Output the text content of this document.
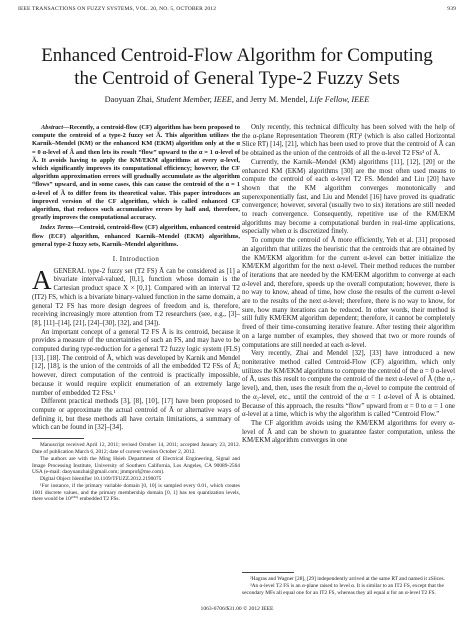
IEEE TRANSACTIONS ON FUZZY SYSTEMS, VOL. 20, NO. 5, OCTOBER 2012	939
Enhanced Centroid-Flow Algorithm for Computing
the Centroid of General Type-2 Fuzzy Sets
Daoyuan Zhai, Student Member, IEEE, and Jerry M. Mendel, Life Fellow, IEEE

Abstract—Recently, a centroid-flow (CF) algorithm has been proposed to compute the centroid of a type-2 fuzzy set Ã. This algorithm utilizes the Karnik–Mendel (KM) or the enhanced KM (EKM) algorithm only at the α = 0 α-level of Ã and then lets its result “flow” upward to the α = 1 α-level of Ã. It avoids having to apply the KM/EKM algorithms at every α-level, which significantly improves its computational efficiency; however, the CF algorithm approximation errors will gradually accumulate as the algorithm “flows” upward, and in some cases, this can cause the centroid of the α = 1 α-level of Ã to differ from its theoretical value. This paper introduces an improved version of the CF algorithm, which is called enhanced CF algorithm, that reduces such accumulative errors by half and, therefore, greatly improves the computational accuracy.

Index Terms—Centroid, centroid-flow (CF) algorithm, enhanced centroid flow (ECF) algorithm, enhanced Karnik–Mendel (EKM) algorithms, general type-2 fuzzy sets, Karnik–Mendel algorithms.

I. Introduction

AGENERAL type-2 fuzzy set (T2 FS) Ã can be considered as [1] a bivariate interval-valued, [0,1], function whose domain is the Cartesian product space X × [0,1]. Compared with an interval T2 (IT2) FS, which is a bivariate binary-valued function in the same domain, a general T2 FS has more design degrees of freedom and is, therefore, receiving increasingly more attention from T2 researchers (see, e.g., [3]–[8], [11]–[14], [21], [24]–[30], [32], and [34]).

An important concept of a general T2 FS Ã is its centroid, because it provides a measure of the uncertainties of such an FS, and may have to be computed during type-reduction for a general T2 fuzzy logic system (FLS) [13], [18]. The centroid of Ã, which was developed by Karnik and Mendel [12], [18], is the union of the centroids of all the embedded T2 FSs of Ã; however, direct computation of the centroid is practically impossible, because it would require explicit enumeration of an extremely large number of embedded T2 FSs.¹

Different practical methods [3], [8], [10], [17] have been proposed to compute or approximate the actual centroid of Ã or alternative ways of defining it, but these methods all have certain limitations, a summary of which can be found in [32]–[34].

Manuscript received April 12, 2011; revised October 14, 2011; accepted January 23, 2012. Date of publication March 6, 2012; date of current version October 2, 2012.

The authors are with the Ming Hsieh Department of Electrical Engineering, Signal and Image Processing Institute, University of Southern California, Los Angeles, CA 90089-2564 USA (e-mail: daoyuanzhai@gmail.com; jmmprof@me.com).

Digital Object Identifier 10.1109/TFUZZ.2012.2190075

¹For instance, if the primary variable domain [0, 10] is sampled every 0.01, which creates 1001 discrete values, and the primary membership domain [0, 1] has ten quantization levels, there would be 10¹⁰⁰¹ embedded T2 FSs.

Only recently, this technical difficulty has been solved with the help of the α-plane Representation Theorem (RT)² (which is also called Horizontal Slice RT) [14], [21], which has been used to prove that the centroid of Ã can be obtained as the union of the centroids of all the α-level T2 FSs³ of Ã.

Currently, the Karnik–Mendel (KM) algorithms [11], [12], [20] or the enhanced KM (EKM) algorithms [30] are the most often used means to compute the centroid of each α-level T2 FS. Mendel and Liu [20] have shown that the KM algorithm converges monotonically and superexponentially fast, and Liu and Mendel [16] have proved its quadratic convergence; however, several (usually two to six) iterations are still needed to reach convergence. Consequently, repetitive use of the KM/EKM algorithms may become a computational burden in real-time applications, especially when α is discretized finely.

To compute the centroid of Ã more efficiently, Yeh et al. [31] proposed an algorithm that utilizes the heuristic that the centroids that are obtained by the KM/EKM algorithm for the current α-level can better initialize the KM/EKM algorithm for the next α-level. Their method reduces the number of iterations that are needed by the KM/EKM algorithm to converge at each α-level and, therefore, speeds up the overall computation; however, there is no way to know, ahead of time, how close the results of the current α-level are to the results of the next α-level; therefore, there is no way to know, for sure, how many iterations can be reduced. In other words, their method is still fully KM/EKM algorithm dependent; therefore, it cannot be completely freed of their time-consuming iterative feature. After testing their algorithm on a large number of examples, they showed that two or more rounds of computations are still needed at each α-level.

Very recently, Zhai and Mendel [32], [33] have introduced a new noniterative method called Centroid-Flow (CF) algorithm, which only utilizes the KM/EKM algorithms to compute the centroid of the α = 0 α-level of Ã, uses this result to compute the centroid of the next α-level of Ã (the α₁-level), and, then, uses the result from the α₁-level to compute the centroid of the α₂-level, etc., until the centroid of the α = 1 α-level of Ã is obtained. Because of this approach, the results “flow” upward from α = 0 to α = 1 one α-level at a time, which is why the algorithm is called “Centroid Flow.”

The CF algorithm avoids using the KM/EKM algorithms for every α-level of Ã and can be shown to guarantee faster computation, unless the KM/EKM algorithm converges in one

²Hagras and Wagner [28], [29] independently arrived at the same RT and named it zSlices.

³An α-level T2 FS is an α-plane raised to level α. It is similar to an IT2 FS, except that the secondary MFs all equal one for an IT2 FS, whereas they all equal α for an α-level T2 FS.

1063-6706/$31.00 © 2012 IEEE
